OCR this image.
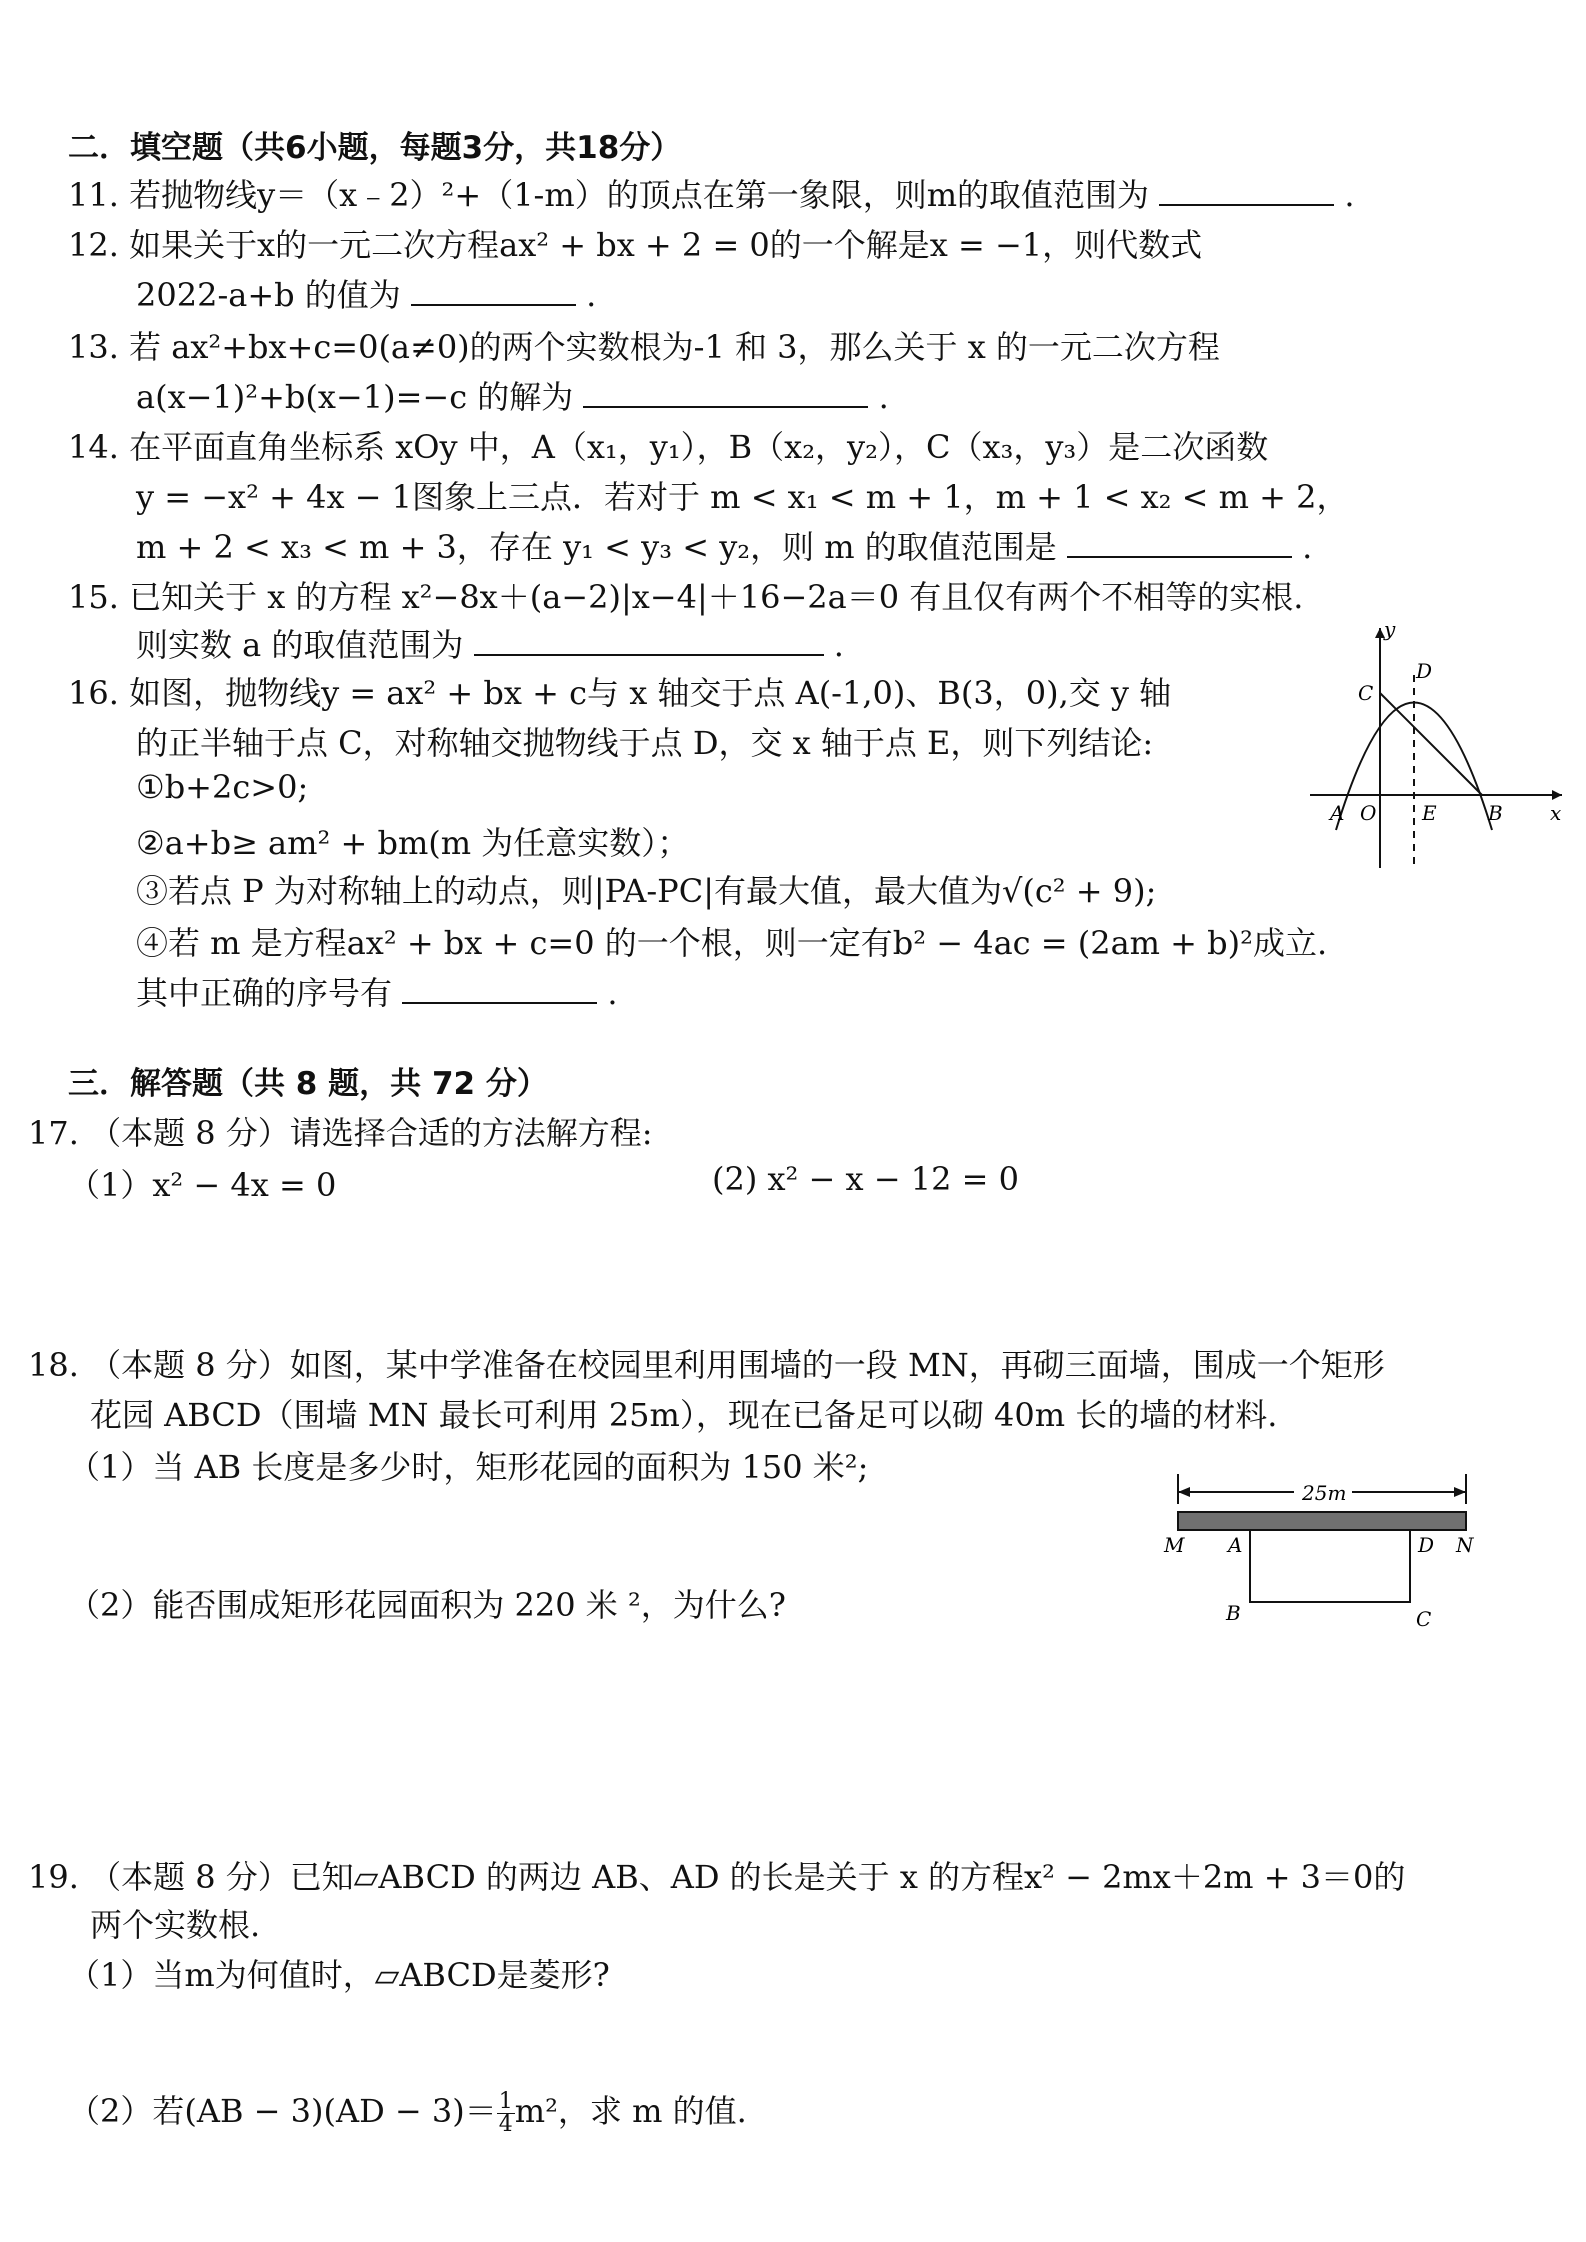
二．填空题（共6小题，每题3分，共18分）
11. 若抛物线y＝（x﹣2）²+（1-m）的顶点在第一象限，则m的取值范围为	.
12. 如果关于x的一元二次方程ax² + bx + 2 = 0的一个解是x = −1，则代数式
2022-a+b 的值为	.
13. 若 ax²+bx+c=0(a≠0)的两个实数根为-1 和 3，那么关于 x 的一元二次方程
a(x−1)²+b(x−1)=−c 的解为	.
14. 在平面直角坐标系 xOy 中，A（x₁，y₁），B（x₂，y₂），C（x₃，y₃）是二次函数
y = −x² + 4x − 1图象上三点．若对于 m < x₁ < m + 1，m + 1 < x₂ < m + 2，
m + 2 < x₃ < m + 3，存在 y₁ < y₃ < y₂，则 m 的取值范围是	.
15. 已知关于 x 的方程 x²−8x＋(a−2)|x−4|＋16−2a＝0 有且仅有两个不相等的实根.
则实数 a 的取值范围为	.
16. 如图，抛物线y = ax² + bx + c与 x 轴交于点 A(-1,0)、B(3，0),交 y 轴
的正半轴于点 C，对称轴交抛物线于点 D，交 x 轴于点 E，则下列结论:
①b+2c>0;
②a+b≥ am² + bm(m 为任意实数）；
③若点 P 为对称轴上的动点，则|PA-PC|有最大值，最大值为√(c² + 9);
④若 m 是方程ax² + bx + c=0 的一个根，则一定有b² − 4ac = (2am + b)²成立.
其中正确的序号有	.
y
x
C
D
A O E	B
三．解答题（共 8 题，共 72 分）
17. （本题 8 分）请选择合适的方法解方程:
（1）x² − 4x = 0	(2) x² − x − 12 = 0
18. （本题 8 分）如图，某中学准备在校园里利用围墙的一段 MN，再砌三面墙，围成一个矩形
花园 ABCD（围墙 MN 最长可利用 25m），现在已备足可以砌 40m 长的墙的材料.
（1）当 AB 长度是多少时，矩形花园的面积为 150 米²;
（2）能否围成矩形花园面积为 220 米 ²，为什么?
25m
M A	D N
B	C
19. （本题 8 分）已知▱ABCD 的两边 AB、AD 的长是关于 x 的方程x² − 2mx＋2m + 3＝0的
两个实数根.
（1）当m为何值时，▱ABCD是菱形?
（2）若$(AB - 3)(AD - 3)= \frac{1}{4} m^2$，求 m 的值.
